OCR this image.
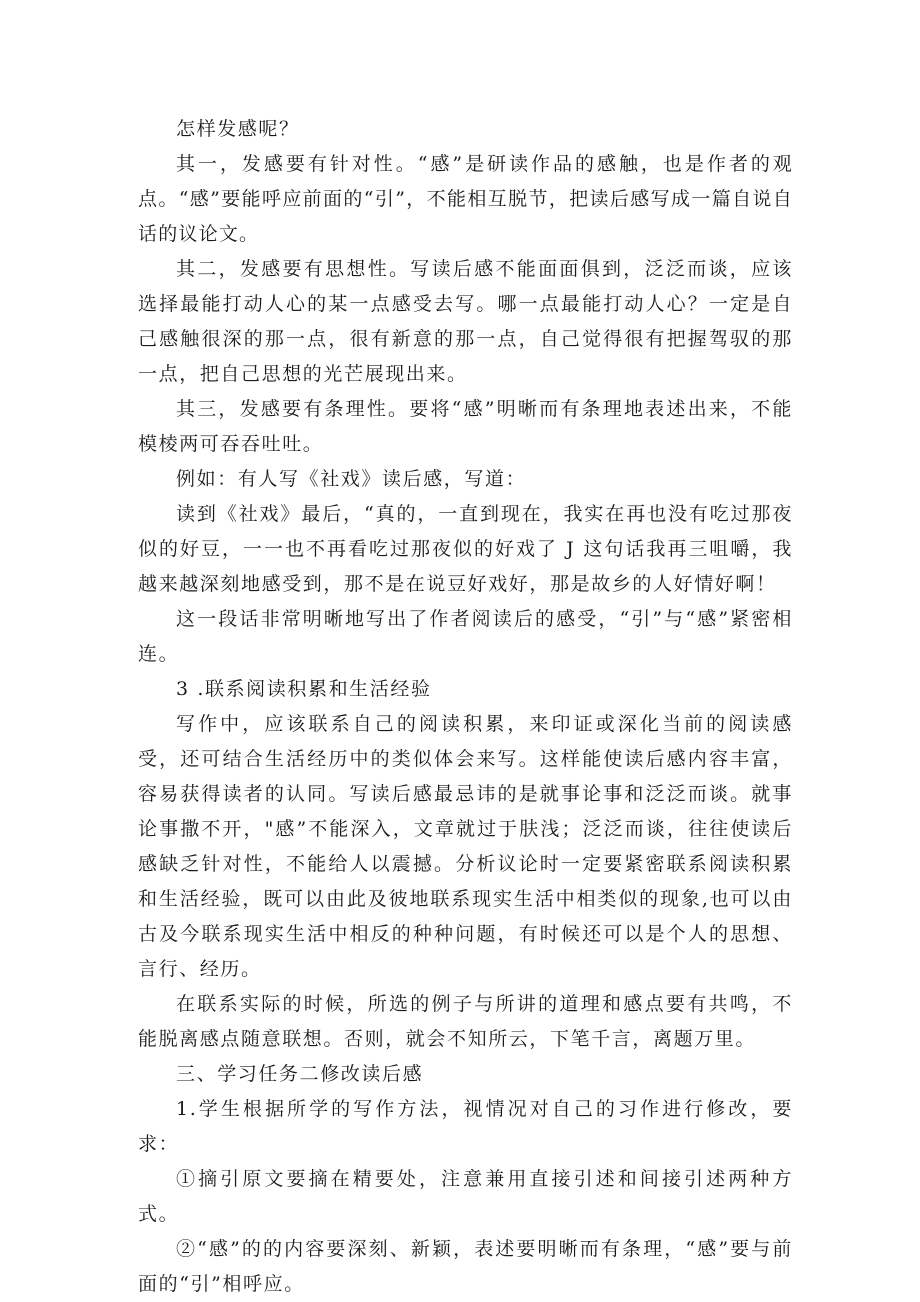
怎样发感呢？

其一，发感要有针对性。“感”是研读作品的感触，也是作者的观点。“感”要能呼应前面的“引”，不能相互脱节，把读后感写成一篇自说自话的议论文。

其二，发感要有思想性。写读后感不能面面俱到，泛泛而谈，应该选择最能打动人心的某一点感受去写。哪一点最能打动人心？一定是自己感触很深的那一点，很有新意的那一点，自己觉得很有把握驾驭的那一点，把自己思想的光芒展现出来。

其三，发感要有条理性。要将“感”明晰而有条理地表述出来，不能模棱两可吞吞吐吐。

例如：有人写《社戏》读后感，写道：

读到《社戏》最后，“真的，一直到现在，我实在再也没有吃过那夜似的好豆，一一也不再看吃过那夜似的好戏了 J 这句话我再三咀嚼，我越来越深刻地感受到，那不是在说豆好戏好，那是故乡的人好情好啊！

这一段话非常明晰地写出了作者阅读后的感受，“引”与“感”紧密相连。

3 .联系阅读积累和生活经验

写作中，应该联系自己的阅读积累，来印证或深化当前的阅读感受，还可结合生活经历中的类似体会来写。这样能使读后感内容丰富，容易获得读者的认同。写读后感最忌讳的是就事论事和泛泛而谈。就事论事撒不开，"感”不能深入，文章就过于肤浅；泛泛而谈，往往使读后感缺乏针对性，不能给人以震撼。分析议论时一定要紧密联系阅读积累和生活经验，既可以由此及彼地联系现实生活中相类似的现象,也可以由古及今联系现实生活中相反的种种问题，有时候还可以是个人的思想、言行、经历。

在联系实际的时候，所选的例子与所讲的道理和感点要有共鸣，不能脱离感点随意联想。否则，就会不知所云，下笔千言，离题万里。

三、学习任务二修改读后感

1.学生根据所学的写作方法，视情况对自己的习作进行修改，要求：

①摘引原文要摘在精要处，注意兼用直接引述和间接引述两种方式。

②“感”的的内容要深刻、新颖，表述要明晰而有条理，“感”要与前面的“引”相呼应。
